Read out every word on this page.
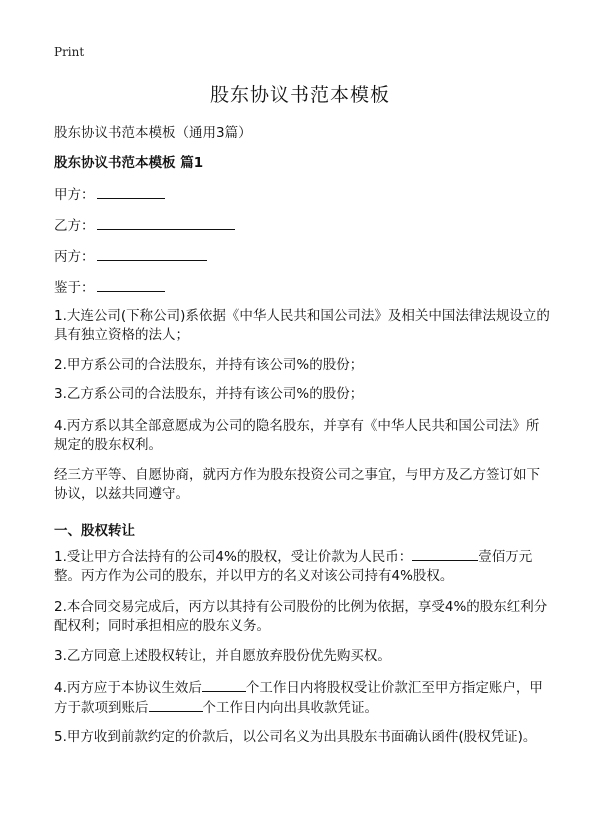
Print
股东协议书范本模板
股东协议书范本模板（通用3篇）
股东协议书范本模板 篇1
甲方：
乙方：
丙方：
鉴于：
1.大连公司(下称公司)系依据《中华人民共和国公司法》及相关中国法律法规设立的具有独立资格的法人；
2.甲方系公司的合法股东，并持有该公司%的股份；
3.乙方系公司的合法股东，并持有该公司%的股份；
4.丙方系以其全部意愿成为公司的隐名股东，并享有《中华人民共和国公司法》所规定的股东权利。
经三方平等、自愿协商，就丙方作为股东投资公司之事宜，与甲方及乙方签订如下协议，以兹共同遵守。
一、股权转让
1.受让甲方合法持有的公司4%的股权，受让价款为人民币：	壹佰万元整。丙方作为公司的股东，并以甲方的名义对该公司持有4%股权。
2.本合同交易完成后，丙方以其持有公司股份的比例为依据，享受4%的股东红利分配权利；同时承担相应的股东义务。
3.乙方同意上述股权转让，并自愿放弃股份优先购买权。
4.丙方应于本协议生效后	个工作日内将股权受让价款汇至甲方指定账户，甲方于款项到账后	个工作日内向出具收款凭证。
5.甲方收到前款约定的价款后，以公司名义为出具股东书面确认函件(股权凭证)。
